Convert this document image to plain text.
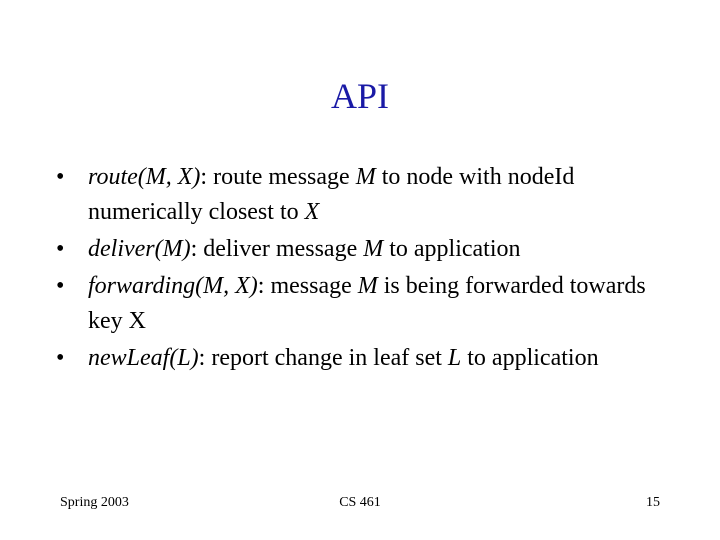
API
• route(M, X): route message M to node with nodeId numerically closest to X
• deliver(M): deliver message M to application
• forwarding(M, X): message M is being forwarded towards key X
• newLeaf(L): report change in leaf set L to application
Spring 2003	CS 461	15
